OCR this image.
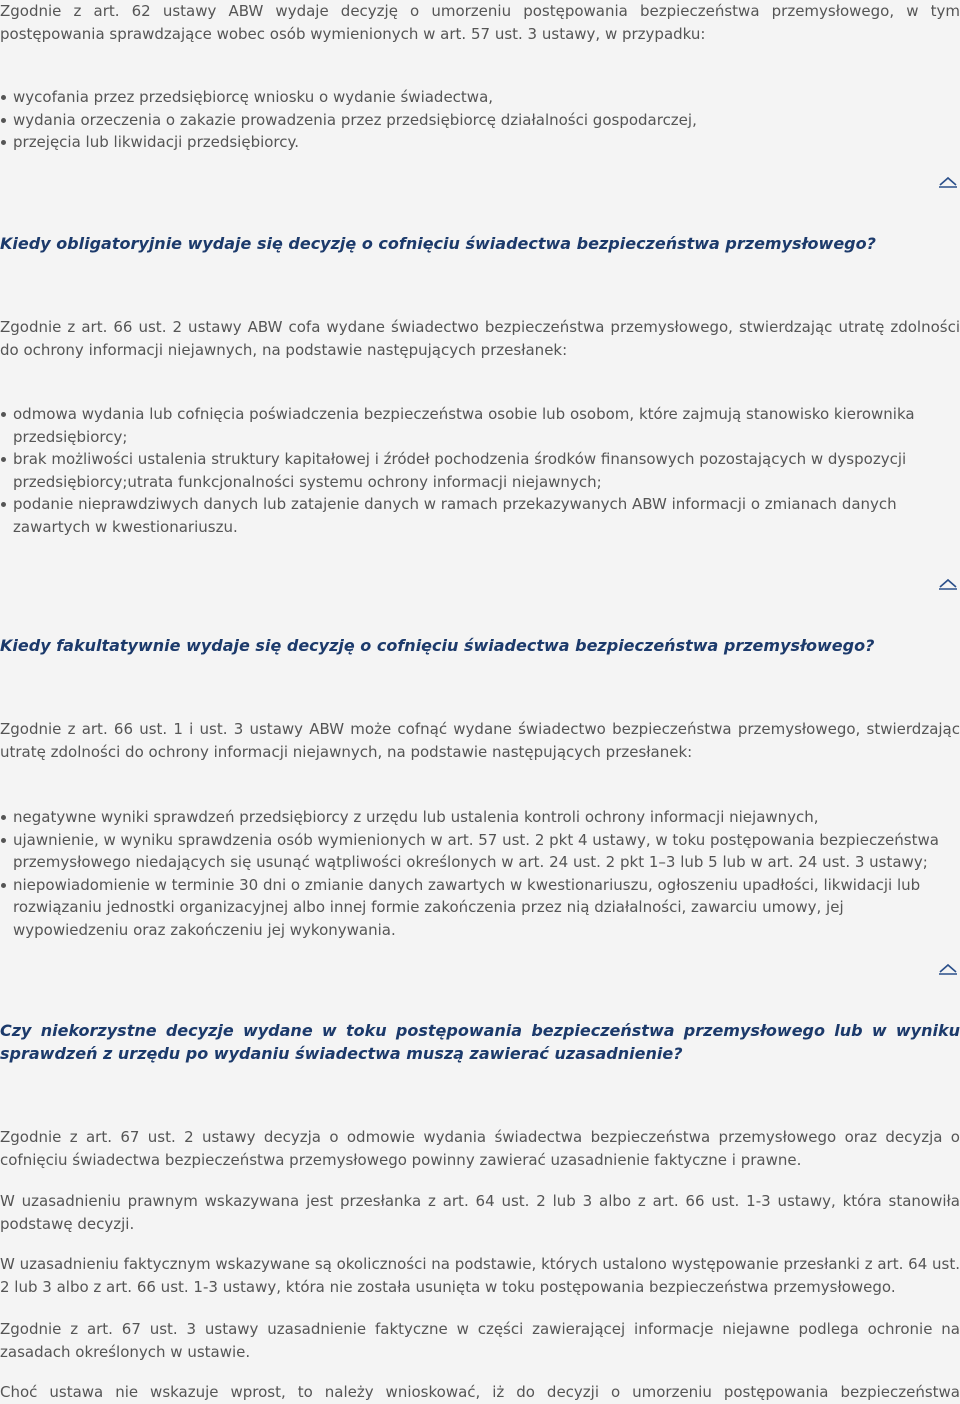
Zgodnie z art. 62 ustawy ABW wydaje decyzję o umorzeniu postępowania bezpieczeństwa przemysłowego, w tym postępowania sprawdzające wobec osób wymienionych w art. 57 ust. 3 ustawy, w przypadku:

wycofania przez przedsiębiorcę wniosku o wydanie świadectwa,
wydania orzeczenia o zakazie prowadzenia przez przedsiębiorcę działalności gospodarczej,
przejęcia lub likwidacji przedsiębiorcy.
Kiedy obligatoryjnie wydaje się decyzję o cofnięciu świadectwa bezpieczeństwa przemysłowego?

Zgodnie z art. 66 ust. 2 ustawy ABW cofa wydane świadectwo bezpieczeństwa przemysłowego, stwierdzając utratę zdolności do ochrony informacji niejawnych, na podstawie następujących przesłanek:

odmowa wydania lub cofnięcia poświadczenia bezpieczeństwa osobie lub osobom, które zajmują stanowisko kierownika przedsiębiorcy;
brak możliwości ustalenia struktury kapitałowej i źródeł pochodzenia środków finansowych pozostających w dyspozycji przedsiębiorcy;utrata funkcjonalności systemu ochrony informacji niejawnych;
podanie nieprawdziwych danych lub zatajenie danych w ramach przekazywanych ABW informacji o zmianach danych zawartych w kwestionariuszu.
Kiedy fakultatywnie wydaje się decyzję o cofnięciu świadectwa bezpieczeństwa przemysłowego?

Zgodnie z art. 66 ust. 1 i ust. 3 ustawy ABW może cofnąć wydane świadectwo bezpieczeństwa przemysłowego, stwierdzając utratę zdolności do ochrony informacji niejawnych, na podstawie następujących przesłanek:

negatywne wyniki sprawdzeń przedsiębiorcy z urzędu lub ustalenia kontroli ochrony informacji niejawnych,
ujawnienie, w wyniku sprawdzenia osób wymienionych w art. 57 ust. 2 pkt 4 ustawy, w toku postępowania bezpieczeństwa przemysłowego niedających się usunąć wątpliwości określonych w art. 24 ust. 2 pkt 1–3 lub 5 lub w art. 24 ust. 3 ustawy;
niepowiadomienie w terminie 30 dni o zmianie danych zawartych w kwestionariuszu, ogłoszeniu upadłości, likwidacji lub rozwiązaniu jednostki organizacyjnej albo innej formie zakończenia przez nią działalności, zawarciu umowy, jej wypowiedzeniu oraz zakończeniu jej wykonywania.
Czy niekorzystne decyzje wydane w toku postępowania bezpieczeństwa przemysłowego lub w wyniku sprawdzeń z urzędu po wydaniu świadectwa muszą zawierać uzasadnienie?

Zgodnie z art. 67 ust. 2 ustawy decyzja o odmowie wydania świadectwa bezpieczeństwa przemysłowego oraz decyzja o cofnięciu świadectwa bezpieczeństwa przemysłowego powinny zawierać uzasadnienie faktyczne i prawne.

W uzasadnieniu prawnym wskazywana jest przesłanka z art. 64 ust. 2 lub 3 albo z art. 66 ust. 1-3 ustawy, która stanowiła podstawę decyzji.

W uzasadnieniu faktycznym wskazywane są okoliczności na podstawie, których ustalono występowanie przesłanki z art. 64 ust. 2 lub 3 albo z art. 66 ust. 1-3 ustawy, która nie została usunięta w toku postępowania bezpieczeństwa przemysłowego.

Zgodnie z art. 67 ust. 3 ustawy uzasadnienie faktyczne w części zawierającej informacje niejawne podlega ochronie na zasadach określonych w ustawie.

Choć ustawa nie wskazuje wprost, to należy wnioskować, iż do decyzji o umorzeniu postępowania bezpieczeństwa
